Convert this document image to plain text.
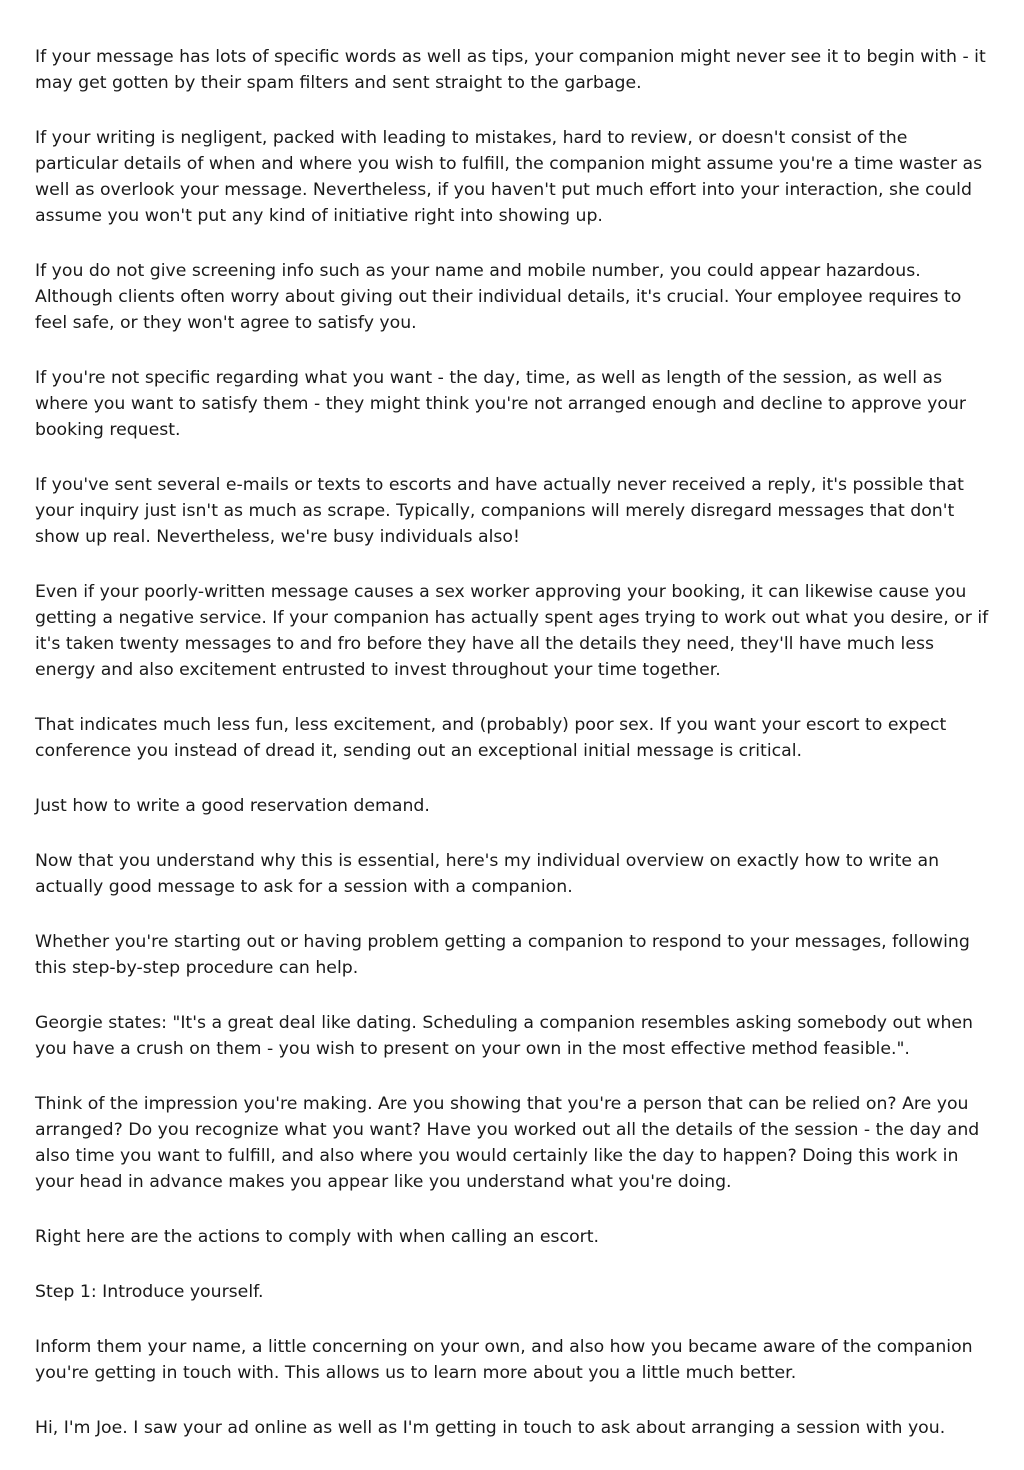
If your message has lots of specific words as well as tips, your companion might never see it to begin with - it may get gotten by their spam filters and sent straight to the garbage.

If your writing is negligent, packed with leading to mistakes, hard to review, or doesn't consist of the particular details of when and where you wish to fulfill, the companion might assume you're a time waster as well as overlook your message. Nevertheless, if you haven't put much effort into your interaction, she could assume you won't put any kind of initiative right into showing up.

If you do not give screening info such as your name and mobile number, you could appear hazardous. Although clients often worry about giving out their individual details, it's crucial. Your employee requires to feel safe, or they won't agree to satisfy you.

If you're not specific regarding what you want - the day, time, as well as length of the session, as well as where you want to satisfy them - they might think you're not arranged enough and decline to approve your booking request.

If you've sent several e-mails or texts to escorts and have actually never received a reply, it's possible that your inquiry just isn't as much as scrape. Typically, companions will merely disregard messages that don't show up real. Nevertheless, we're busy individuals also!

Even if your poorly-written message causes a sex worker approving your booking, it can likewise cause you getting a negative service. If your companion has actually spent ages trying to work out what you desire, or if it's taken twenty messages to and fro before they have all the details they need, they'll have much less energy and also excitement entrusted to invest throughout your time together.

That indicates much less fun, less excitement, and (probably) poor sex. If you want your escort to expect conference you instead of dread it, sending out an exceptional initial message is critical.

Just how to write a good reservation demand.

Now that you understand why this is essential, here's my individual overview on exactly how to write an actually good message to ask for a session with a companion.

Whether you're starting out or having problem getting a companion to respond to your messages, following this step-by-step procedure can help.

Georgie states: "It's a great deal like dating. Scheduling a companion resembles asking somebody out when you have a crush on them - you wish to present on your own in the most effective method feasible.".

Think of the impression you're making. Are you showing that you're a person that can be relied on? Are you arranged? Do you recognize what you want? Have you worked out all the details of the session - the day and also time you want to fulfill, and also where you would certainly like the day to happen? Doing this work in your head in advance makes you appear like you understand what you're doing.

Right here are the actions to comply with when calling an escort.

Step 1: Introduce yourself.

Inform them your name, a little concerning on your own, and also how you became aware of the companion you're getting in touch with. This allows us to learn more about you a little much better.

Hi, I'm Joe. I saw your ad online as well as I'm getting in touch to ask about arranging a session with you.
